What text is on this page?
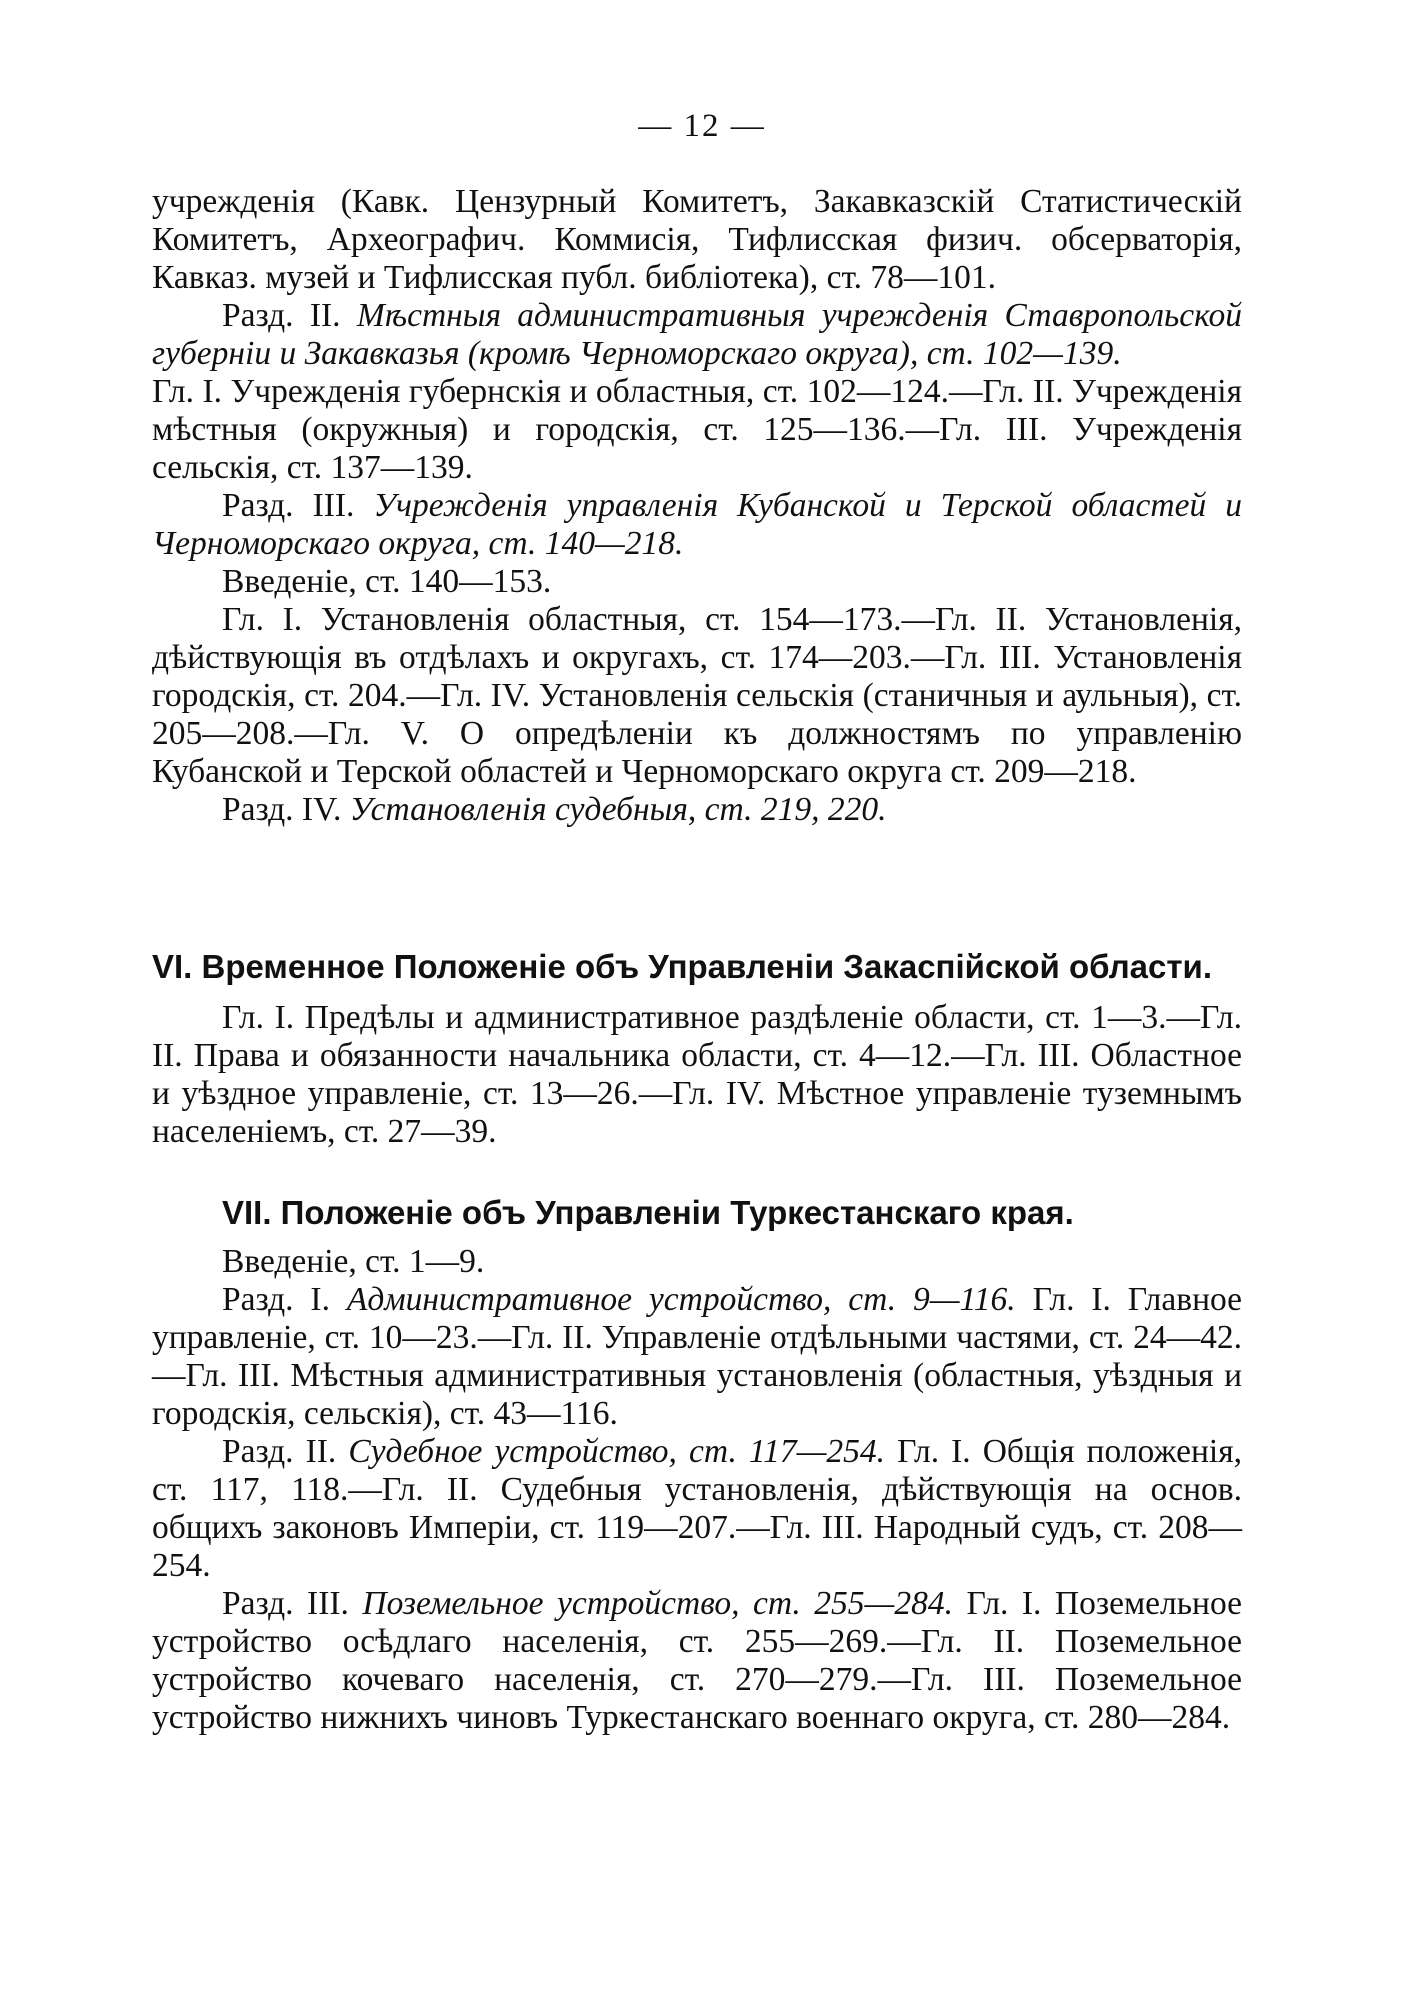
— 12 —

учрежденія (Кавк. Цензурный Комитетъ, Закавказскій Статистическій Комитетъ, Археографич. Коммисія, Тифлисская физич. обсерваторія, Кавказ. музей и Тифлисская публ. библіотека), ст. 78—101.

Разд. II. Мѣстныя административныя учрежденія Ставропольской губерніи и Закавказья (кромѣ Черноморскаго округа), ст. 102—139.

Гл. I. Учрежденія губернскія и областныя, ст. 102—124.—Гл. II. Учрежденія мѣстныя (окружныя) и городскія, ст. 125—136.—Гл. III. Учрежденія сельскія, ст. 137—139.

Разд. III. Учрежденія управленія Кубанской и Терской областей и Черноморскаго округа, ст. 140—218.

Введеніе, ст. 140—153.

Гл. I. Установленія областныя, ст. 154—173.—Гл. II. Установленія, дѣйствующія въ отдѣлахъ и округахъ, ст. 174—203.—Гл. III. Установленія городскія, ст. 204.—Гл. IV. Установленія сельскія (станичныя и аульныя), ст. 205—208.—Гл. V. О опредѣленіи къ должностямъ по управленію Кубанской и Терской областей и Черноморскаго округа ст. 209—218.

Разд. IV. Установленія судебныя, ст. 219, 220.

VI. Временное Положеніе объ Управленіи Закаспійской области.

Гл. I. Предѣлы и административное раздѣленіе области, ст. 1—3.—Гл. II. Права и обязанности начальника области, ст. 4—12.—Гл. III. Областное и уѣздное управленіе, ст. 13—26.—Гл. IV. Мѣстное управленіе туземнымъ населеніемъ, ст. 27—39.

VII. Положеніе объ Управленіи Туркестанскаго края.

Введеніе, ст. 1—9.

Разд. I. Административное устройство, ст. 9—116. Гл. I. Главное управленіе, ст. 10—23.—Гл. II. Управленіе отдѣльными частями, ст. 24—42.—Гл. III. Мѣстныя административныя установленія (областныя, уѣздныя и городскія, сельскія), ст. 43—116.

Разд. II. Судебное устройство, ст. 117—254. Гл. I. Общія положенія, ст. 117, 118.—Гл. II. Судебныя установленія, дѣйствующія на основ. общихъ законовъ Имперіи, ст. 119—207.—Гл. III. Народный судъ, ст. 208—254.

Разд. III. Поземельное устройство, ст. 255—284. Гл. I. Поземельное устройство осѣдлаго населенія, ст. 255—269.—Гл. II. Поземельное устройство кочеваго населенія, ст. 270—279.—Гл. III. Поземельное устройство нижнихъ чиновъ Туркестанскаго военнаго округа, ст. 280—284.
